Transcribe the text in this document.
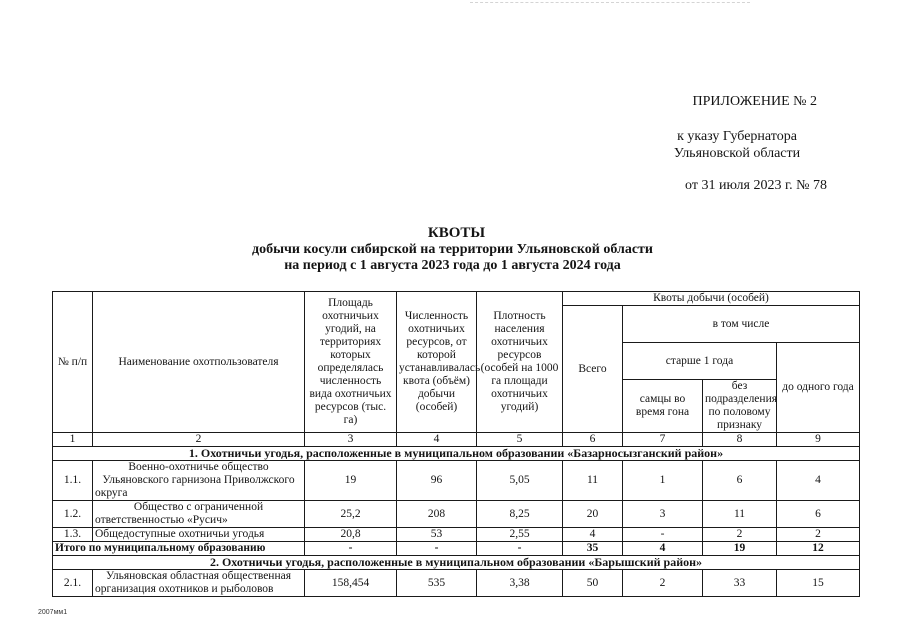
ПРИЛОЖЕНИЕ № 2
к указу Губернатора Ульяновской области
от 31 июля 2023 г. № 78
КВОТЫ
добычи косули сибирской на территории Ульяновской области
на период с 1 августа 2023 года до 1 августа 2024 года
№ п/п	Наименование охотпользователя	Площадь охотничьих угодий, на территориях которых определялась численность вида охотничьих ресурсов (тыс. га)	Численность охотничьих ресурсов, от которой устанавливалась квота (объём) добычи (особей)	Плотность населения охотничьих ресурсов (особей на 1000 га площади охотничьих угодий)	Квоты добычи (особей)			
					Всего	в том числе		
						старше 1 года		до одного года
						самцы во время гона	без подразделения по половому признаку	
1	2	3	4	5	6	7	8	9
1. Охотничьи угодья, расположенные в муниципальном образовании «Базарносызганский район»								
1.1.	Военно-охотничье общество Ульяновского гарнизона Приволжского округа	19	96	5,05	11	1	6	4
1.2.	Общество с ограниченной ответственностью «Русич»	25,2	208	8,25	20	3	11	6
1.3.	Общедоступные охотничьи угодья	20,8	53	2,55	4	-	2	2
Итого по муниципальному образованию		-	-	-	35	4	19	12
2. Охотничьи угодья, расположенные в муниципальном образовании «Барышский район»								
2.1.	Ульяновская областная общественная организация охотников и рыболовов	158,454	535	3,38	50	2	33	15
2007мм1
